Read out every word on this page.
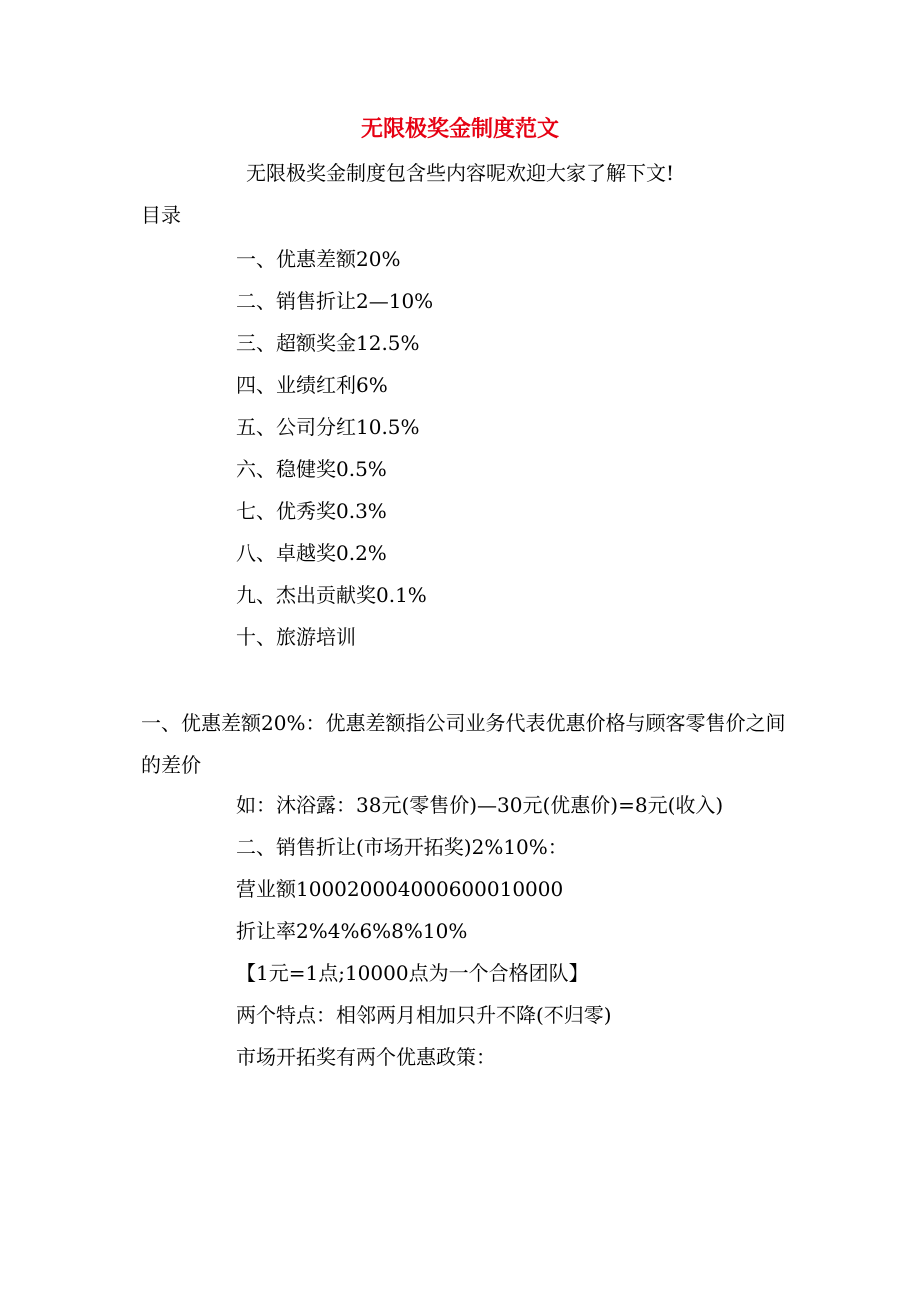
无限极奖金制度范文
无限极奖金制度包含些内容呢欢迎大家了解下文!
目录
一、优惠差额20%
二、销售折让2—10%
三、超额奖金12.5%
四、业绩红利6%
五、公司分红10.5%
六、稳健奖0.5%
七、优秀奖0.3%
八、卓越奖0.2%
九、杰出贡献奖0.1%
十、旅游培训
一、优惠差额20%：优惠差额指公司业务代表优惠价格与顾客零售价之间的差价
如：沐浴露：38元(零售价)—30元(优惠价)=8元(收入)
二、销售折让(市场开拓奖)2%10%：
营业额100020004000600010000
折让率2%4%6%8%10%
【1元=1点;10000点为一个合格团队】
两个特点：相邻两月相加只升不降(不归零)
市场开拓奖有两个优惠政策：
